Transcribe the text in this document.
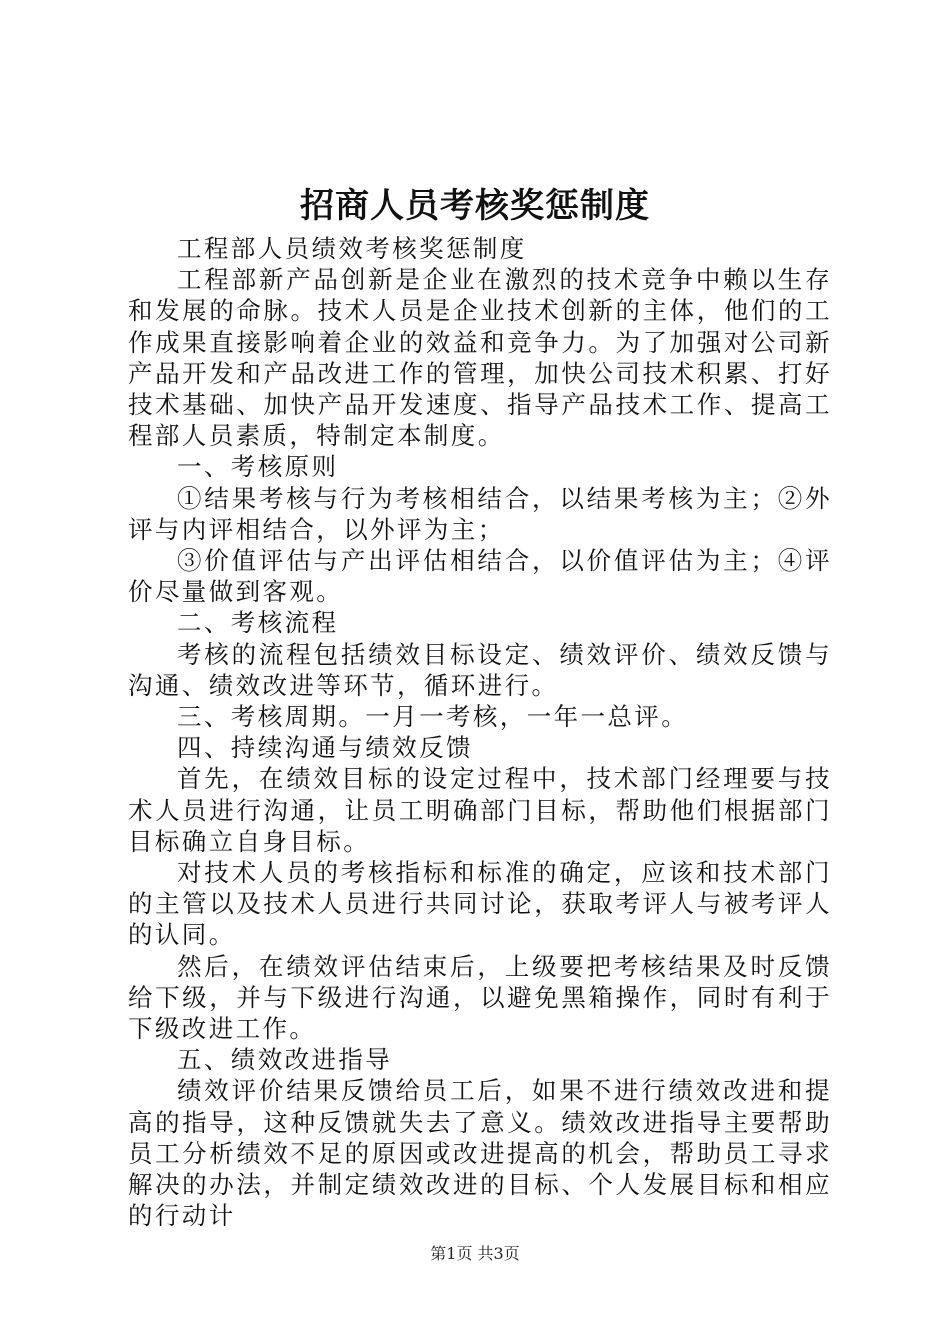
招商人员考核奖惩制度

工程部人员绩效考核奖惩制度

工程部新产品创新是企业在激烈的技术竞争中赖以生存和发展的命脉。技术人员是企业技术创新的主体，他们的工作成果直接影响着企业的效益和竞争力。为了加强对公司新产品开发和产品改进工作的管理，加快公司技术积累、打好技术基础、加快产品开发速度、指导产品技术工作、提高工程部人员素质，特制定本制度。

一、考核原则

①结果考核与行为考核相结合，以结果考核为主；②外评与内评相结合，以外评为主；

③价值评估与产出评估相结合，以价值评估为主；④评价尽量做到客观。

二、考核流程

考核的流程包括绩效目标设定、绩效评价、绩效反馈与沟通、绩效改进等环节，循环进行。

三、考核周期。一月一考核，一年一总评。

四、持续沟通与绩效反馈

首先，在绩效目标的设定过程中，技术部门经理要与技术人员进行沟通，让员工明确部门目标，帮助他们根据部门目标确立自身目标。

对技术人员的考核指标和标准的确定，应该和技术部门的主管以及技术人员进行共同讨论，获取考评人与被考评人的认同。

然后，在绩效评估结束后，上级要把考核结果及时反馈给下级，并与下级进行沟通，以避免黑箱操作，同时有利于下级改进工作。

五、绩效改进指导

绩效评价结果反馈给员工后，如果不进行绩效改进和提高的指导，这种反馈就失去了意义。绩效改进指导主要帮助员工分析绩效不足的原因或改进提高的机会，帮助员工寻求解决的办法，并制定绩效改进的目标、个人发展目标和相应的行动计

第1页 共3页
